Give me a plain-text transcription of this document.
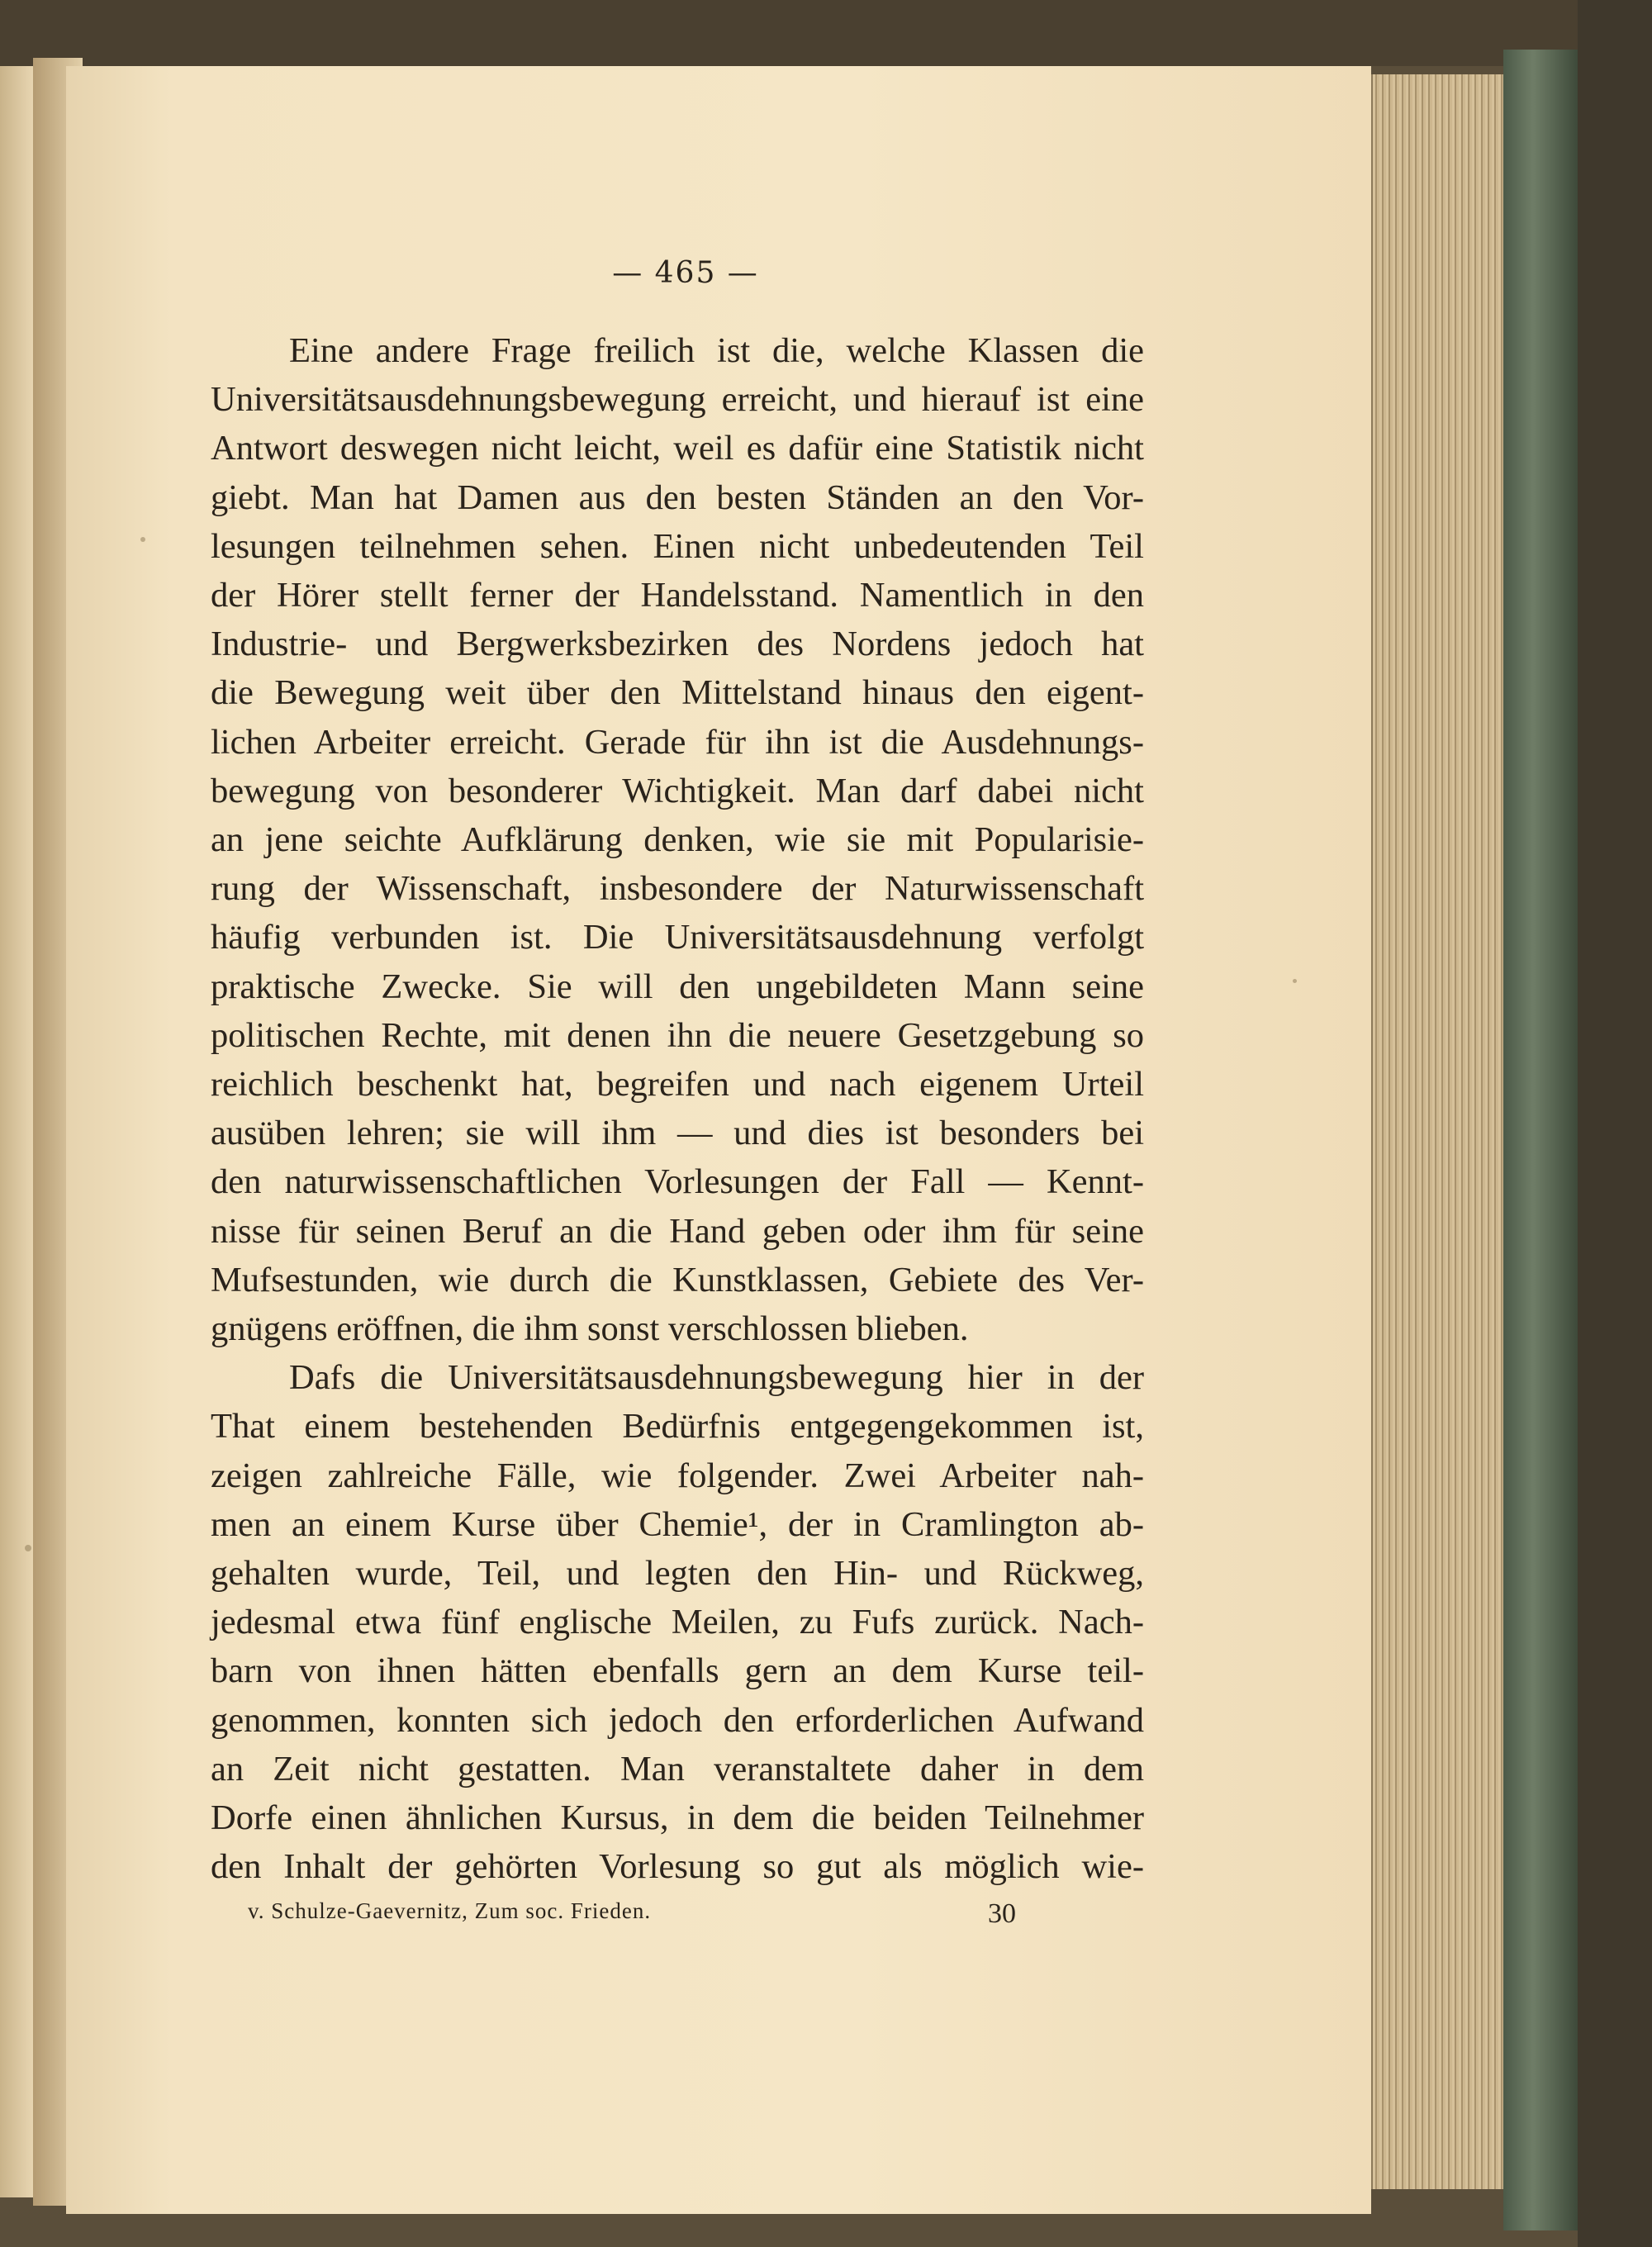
— 465 —
Eine andere Frage freilich ist die, welche Klassen die
Universitätsausdehnungsbewegung erreicht, und hierauf ist eine
Antwort deswegen nicht leicht, weil es dafür eine Statistik nicht
giebt. Man hat Damen aus den besten Ständen an den Vor-
lesungen teilnehmen sehen. Einen nicht unbedeutenden Teil
der Hörer stellt ferner der Handelsstand. Namentlich in den
Industrie- und Bergwerksbezirken des Nordens jedoch hat
die Bewegung weit über den Mittelstand hinaus den eigent-
lichen Arbeiter erreicht. Gerade für ihn ist die Ausdehnungs-
bewegung von besonderer Wichtigkeit. Man darf dabei nicht
an jene seichte Aufklärung denken, wie sie mit Popularisie-
rung der Wissenschaft, insbesondere der Naturwissenschaft
häufig verbunden ist. Die Universitätsausdehnung verfolgt
praktische Zwecke. Sie will den ungebildeten Mann seine
politischen Rechte, mit denen ihn die neuere Gesetzgebung so
reichlich beschenkt hat, begreifen und nach eigenem Urteil
ausüben lehren; sie will ihm — und dies ist besonders bei
den naturwissenschaftlichen Vorlesungen der Fall — Kennt-
nisse für seinen Beruf an die Hand geben oder ihm für seine
Mufsestunden, wie durch die Kunstklassen, Gebiete des Ver-
gnügens eröffnen, die ihm sonst verschlossen blieben.
Dafs die Universitätsausdehnungsbewegung hier in der
That einem bestehenden Bedürfnis entgegengekommen ist,
zeigen zahlreiche Fälle, wie folgender. Zwei Arbeiter nah-
men an einem Kurse über Chemie¹, der in Cramlington ab-
gehalten wurde, Teil, und legten den Hin- und Rückweg,
jedesmal etwa fünf englische Meilen, zu Fufs zurück. Nach-
barn von ihnen hätten ebenfalls gern an dem Kurse teil-
genommen, konnten sich jedoch den erforderlichen Aufwand
an Zeit nicht gestatten. Man veranstaltete daher in dem
Dorfe einen ähnlichen Kursus, in dem die beiden Teilnehmer
den Inhalt der gehörten Vorlesung so gut als möglich wie-
v. Schulze-Gaevernitz, Zum soc. Frieden.	30
